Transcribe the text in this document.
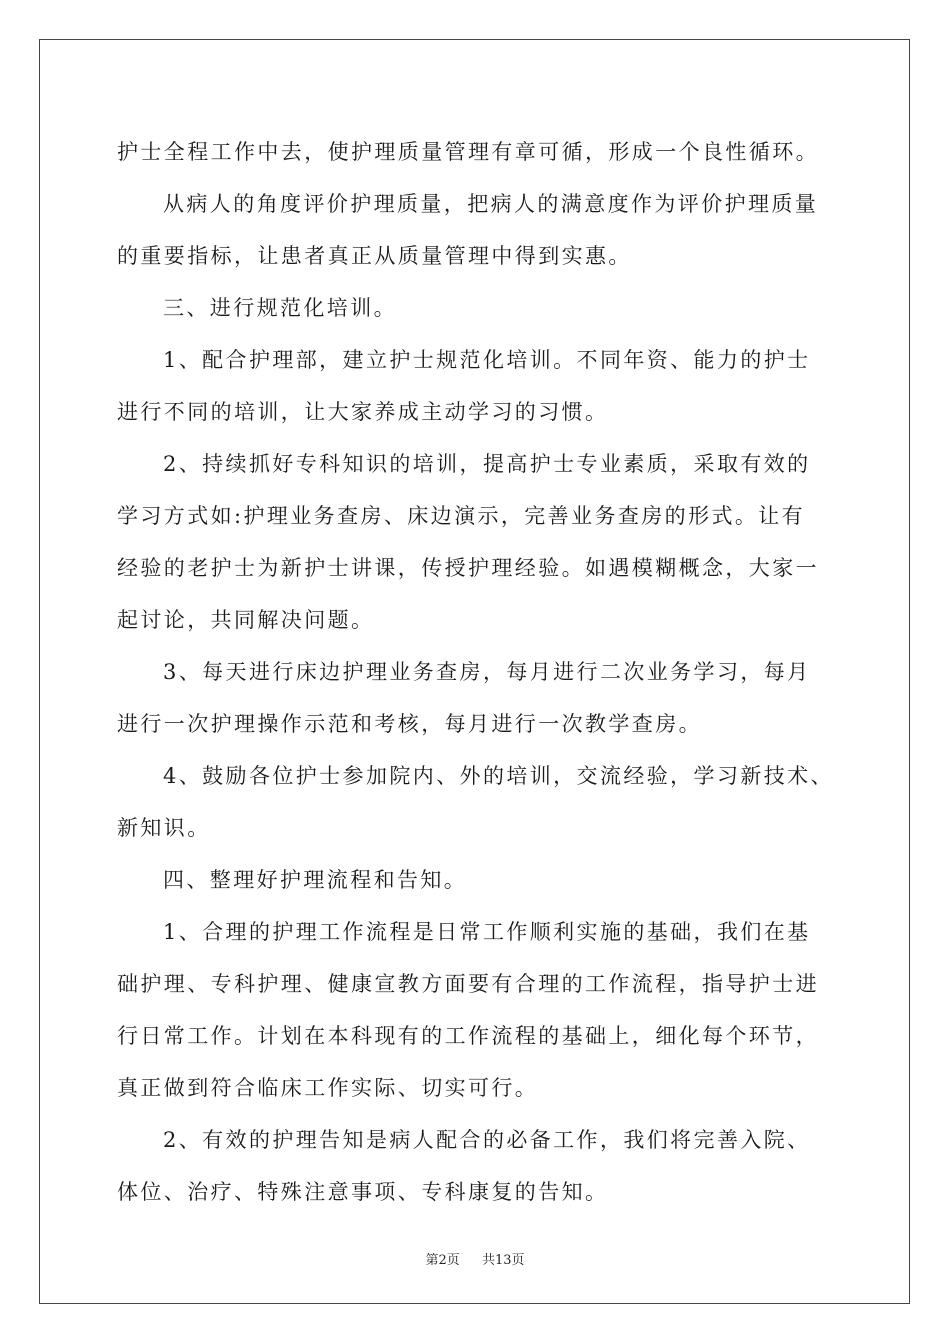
护士全程工作中去，使护理质量管理有章可循，形成一个良性循环。

从病人的角度评价护理质量，把病人的满意度作为评价护理质量

的重要指标，让患者真正从质量管理中得到实惠。

三、进行规范化培训。

1、配合护理部，建立护士规范化培训。不同年资、能力的护士

进行不同的培训，让大家养成主动学习的习惯。

2、持续抓好专科知识的培训，提高护士专业素质，采取有效的

学习方式如:护理业务查房、床边演示，完善业务查房的形式。让有

经验的老护士为新护士讲课，传授护理经验。如遇模糊概念，大家一

起讨论，共同解决问题。

3、每天进行床边护理业务查房，每月进行二次业务学习，每月

进行一次护理操作示范和考核，每月进行一次教学查房。

4、鼓励各位护士参加院内、外的培训，交流经验，学习新技术、

新知识。

四、整理好护理流程和告知。

1、合理的护理工作流程是日常工作顺利实施的基础，我们在基

础护理、专科护理、健康宣教方面要有合理的工作流程，指导护士进

行日常工作。计划在本科现有的工作流程的基础上，细化每个环节，

真正做到符合临床工作实际、切实可行。

2、有效的护理告知是病人配合的必备工作，我们将完善入院、

体位、治疗、特殊注意事项、专科康复的告知。

第2页 共13页
